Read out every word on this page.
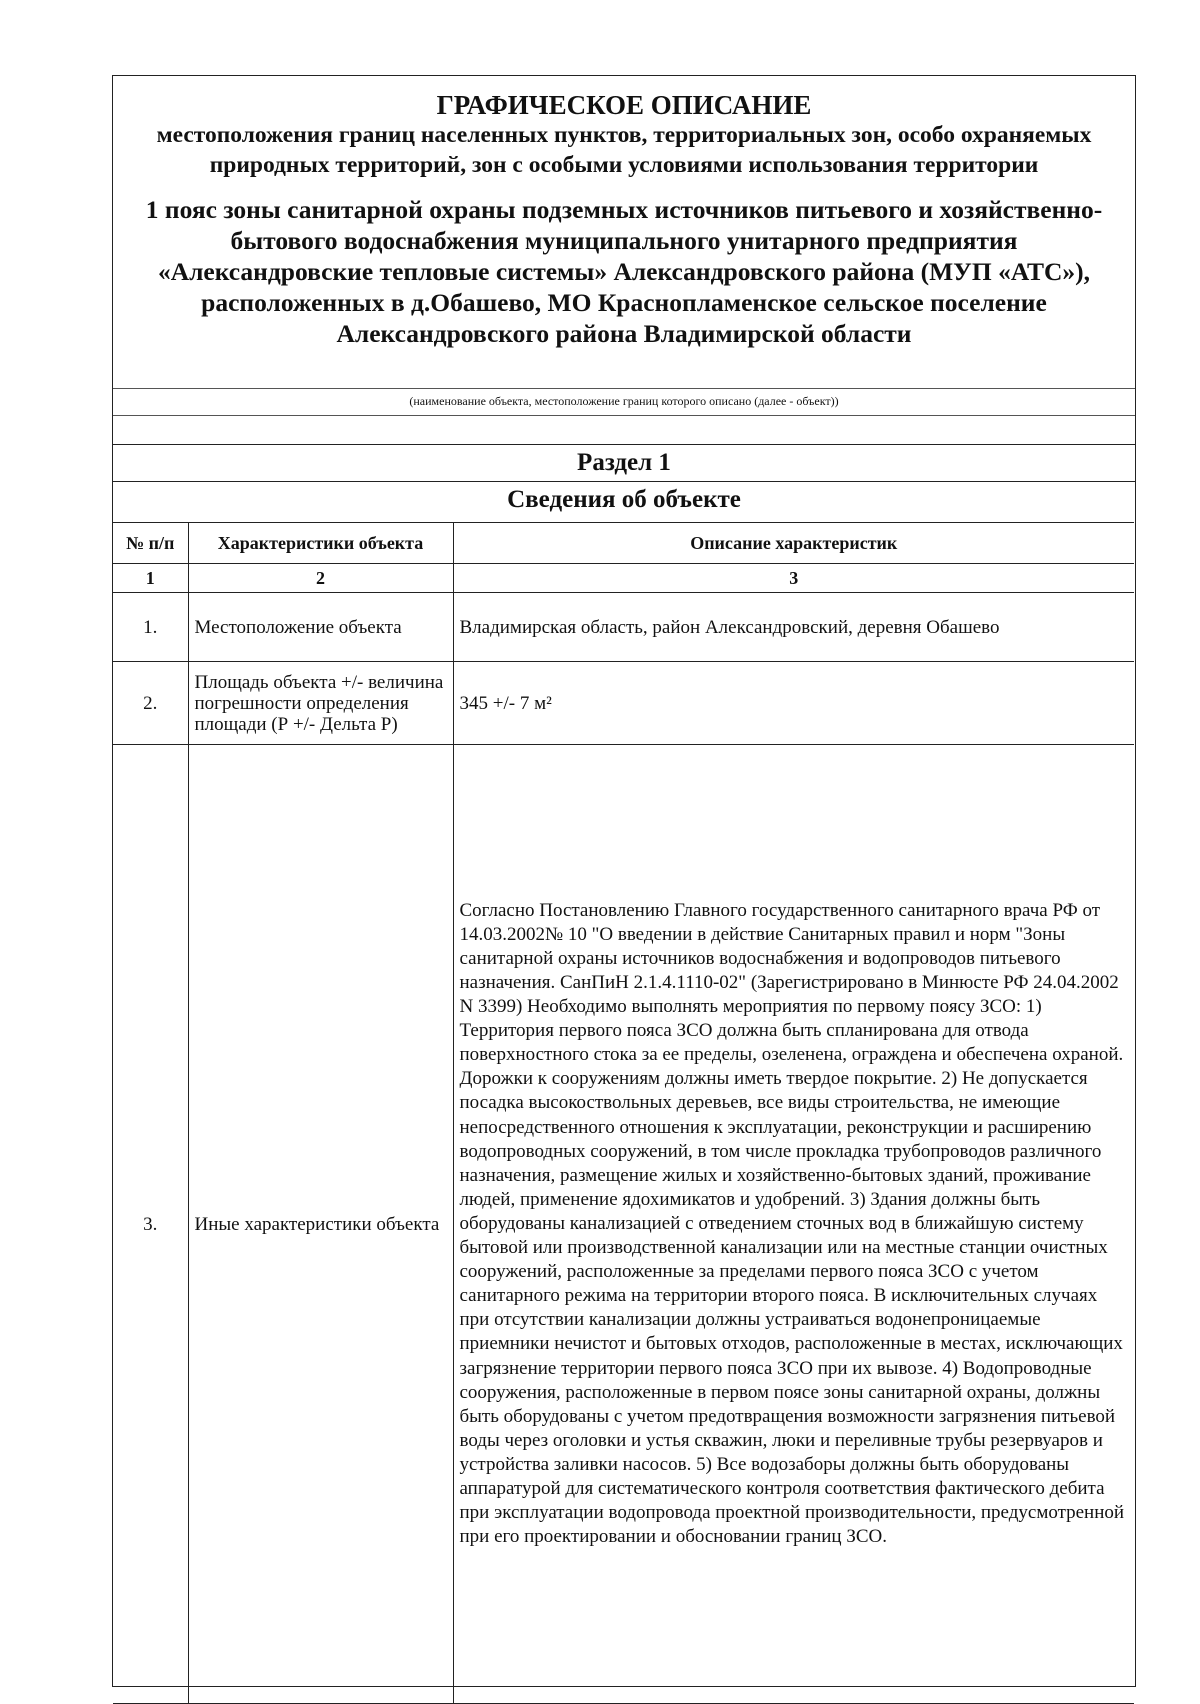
ГРАФИЧЕСКОЕ ОПИСАНИЕ

местоположения границ населенных пунктов, территориальных зон, особо охраняемых природных территорий, зон с особыми условиями использования территории

1 пояс зоны санитарной охраны подземных источников питьевого и хозяйственно-бытового водоснабжения муниципального унитарного предприятия «Александровские тепловые системы» Александровского района (МУП «АТС»), расположенных в д.Обашево, МО Краснопламенское сельское поселение Александровского района Владимирской области

(наименование объекта, местоположение границ которого описано (далее - объект))
Раздел 1
Сведения об объекте
№ п/п	Характеристики объекта	Описание характеристик
1	2	3
1.	Местоположение объекта	Владимирская область, район Александровский, деревня Обашево
2.	Площадь объекта +/- величина погрешности определения площади (Р +/- Дельта Р)	345 +/- 7 м²
3.	Иные характеристики объекта	Согласно Постановлению Главного государственного санитарного врача РФ от 14.03.2002№ 10 "О введении в действие Санитарных правил и норм "Зоны санитарной охраны источников водоснабжения и водопроводов питьевого назначения. СанПиН 2.1.4.1110-02" (Зарегистрировано в Минюсте РФ 24.04.2002 N 3399) Необходимо выполнять мероприятия по первому поясу ЗСО: 1) Территория первого пояса ЗСО должна быть спланирована для отвода поверхностного стока за ее пределы, озеленена, ограждена и обеспечена охраной. Дорожки к сооружениям должны иметь твердое покрытие. 2) Не допускается посадка высокоствольных деревьев, все виды строительства, не имеющие непосредственного отношения к эксплуатации, реконструкции и расширению водопроводных сооружений, в том числе прокладка трубопроводов различного назначения, размещение жилых и хозяйственно-бытовых зданий, проживание людей, применение ядохимикатов и удобрений. 3) Здания должны быть оборудованы канализацией с отведением сточных вод в ближайшую систему бытовой или производственной канализации или на местные станции очистных сооружений, расположенные за пределами первого пояса ЗСО с учетом санитарного режима на территории второго пояса. В исключительных случаях при отсутствии канализации должны устраиваться водонепроницаемые приемники нечистот и бытовых отходов, расположенные в местах, исключающих загрязнение территории первого пояса ЗСО при их вывозе. 4) Водопроводные сооружения, расположенные в первом поясе зоны санитарной охраны, должны быть оборудованы с учетом предотвращения возможности загрязнения питьевой воды через оголовки и устья скважин, люки и переливные трубы резервуаров и устройства заливки насосов. 5) Все водозаборы должны быть оборудованы аппаратурой для систематического контроля соответствия фактического дебита при эксплуатации водопровода проектной производительности, предусмотренной при его проектировании и обосновании границ ЗСО.
